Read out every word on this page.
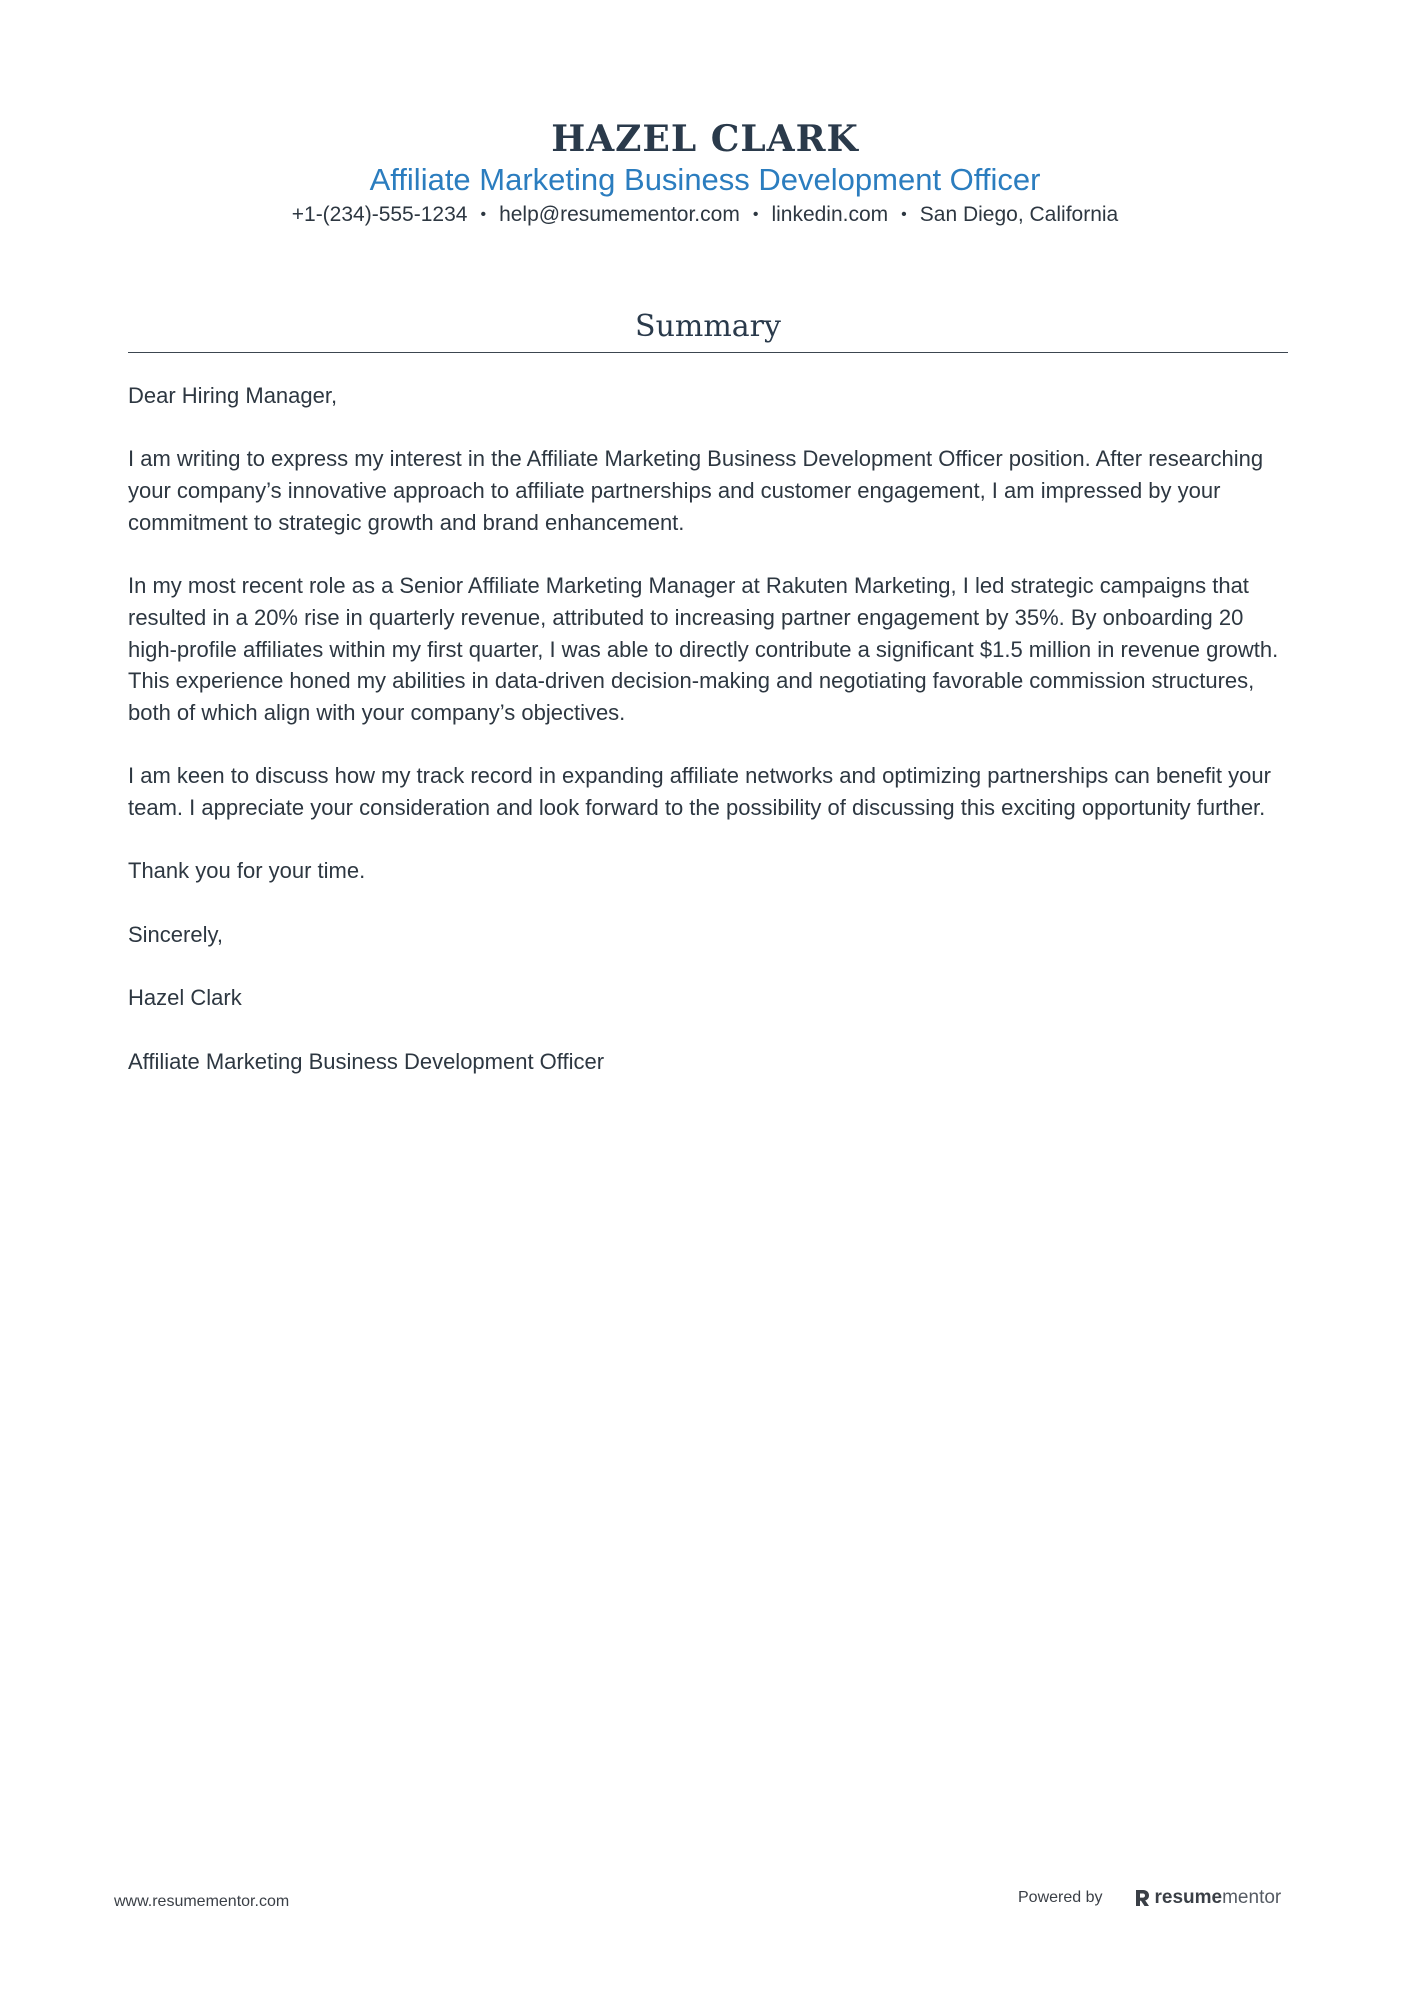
HAZEL CLARK
Affiliate Marketing Business Development Officer
+1-(234)-555-1234 • help@resumementor.com • linkedin.com • San Diego, California
Summary

Dear Hiring Manager,

I am writing to express my interest in the Affiliate Marketing Business Development Officer position. After researching your company’s innovative approach to affiliate partnerships and customer engagement, I am impressed by your commitment to strategic growth and brand enhancement.

In my most recent role as a Senior Affiliate Marketing Manager at Rakuten Marketing, I led strategic campaigns that resulted in a 20% rise in quarterly revenue, attributed to increasing partner engagement by 35%. By onboarding 20 high-profile affiliates within my first quarter, I was able to directly contribute a significant $1.5 million in revenue growth. This experience honed my abilities in data-driven decision-making and negotiating favorable commission structures, both of which align with your company’s objectives.

I am keen to discuss how my track record in expanding affiliate networks and optimizing partnerships can benefit your team. I appreciate your consideration and look forward to the possibility of discussing this exciting opportunity further.

Thank you for your time.

Sincerely,

Hazel Clark

Affiliate Marketing Business Development Officer

www.resumementor.com	Powered by	resume mentor
